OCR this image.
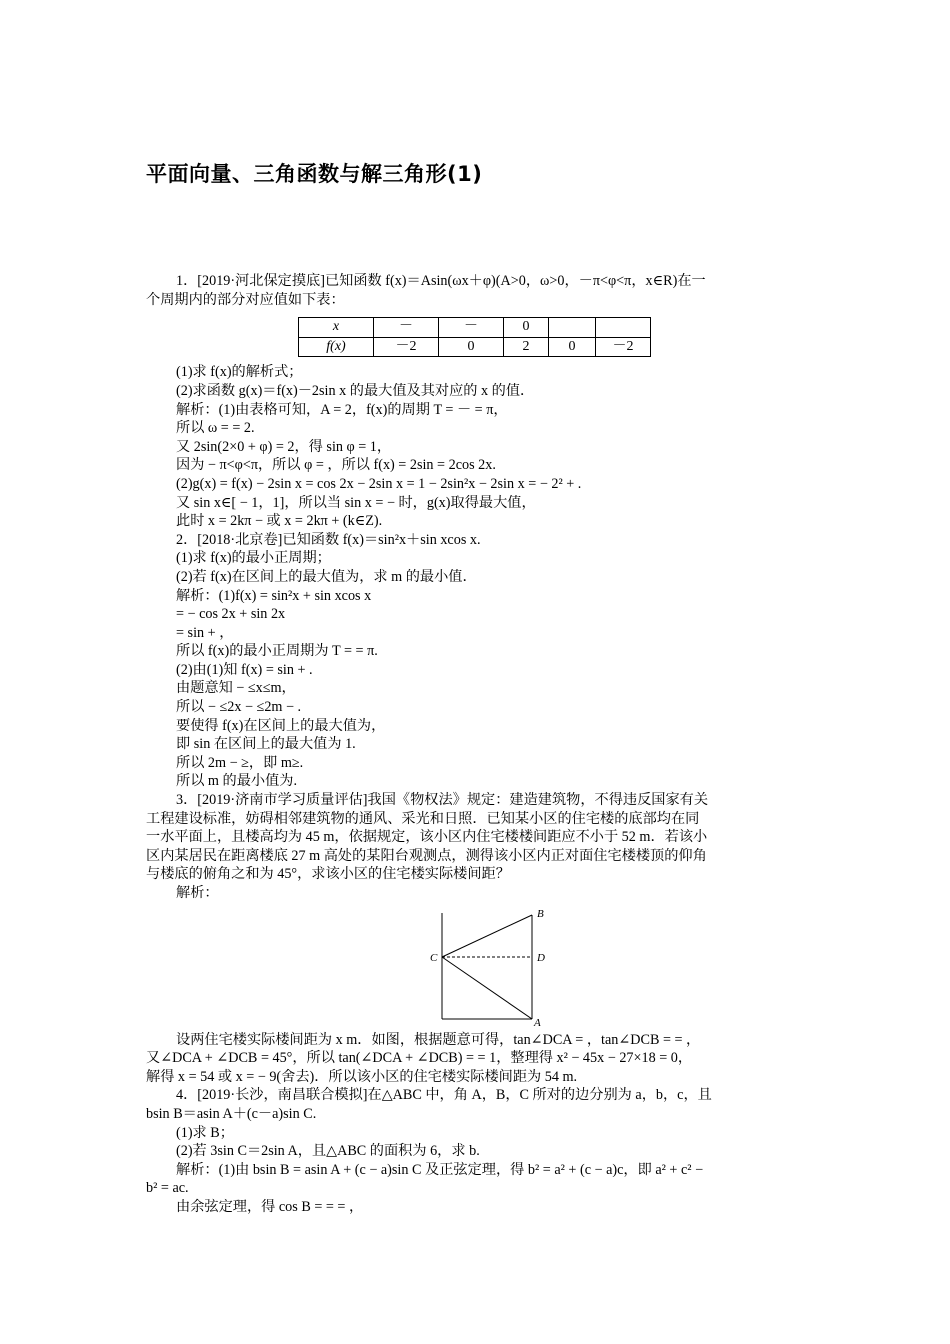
平面向量、三角函数与解三角形(1)
1．[2019·河北保定摸底]已知函数 f(x)＝Asin(ωx＋φ)(A>0，ω>0，－π<φ<π，x∈R)在一
个周期内的部分对应值如下表：
x	－	－	0		
f(x)	－2	0	2	0	－2
(1)求 f(x)的解析式；
(2)求函数 g(x)＝f(x)－2sin x 的最大值及其对应的 x 的值．
解析：(1)由表格可知，A = 2，f(x)的周期 T = － = π，
所以 ω = = 2.
又 2sin(2×0 + φ) = 2，得 sin φ = 1，
因为 − π<φ<π，所以 φ = ，所以 f(x) = 2sin = 2cos 2x.
(2)g(x) = f(x) − 2sin x = cos 2x − 2sin x = 1 − 2sin²x − 2sin x = − 2² + .
又 sin x∈[ − 1，1]，所以当 sin x = − 时，g(x)取得最大值，
此时 x = 2kπ − 或 x = 2kπ + (k∈Z).
2．[2018·北京卷]已知函数 f(x)＝sin²x＋sin xcos x.
(1)求 f(x)的最小正周期；
(2)若 f(x)在区间上的最大值为，求 m 的最小值．
解析：(1)f(x) = sin²x + sin xcos x
= − cos 2x + sin 2x
= sin + ，
所以 f(x)的最小正周期为 T = = π.
(2)由(1)知 f(x) = sin + .
由题意知 − ≤x≤m，
所以 − ≤2x − ≤2m − .
要使得 f(x)在区间上的最大值为，
即 sin 在区间上的最大值为 1.
所以 2m − ≥，即 m≥.
所以 m 的最小值为.
3．[2019·济南市学习质量评估]我国《物权法》规定：建造建筑物，不得违反国家有关
工程建设标准，妨碍相邻建筑物的通风、采光和日照．已知某小区的住宅楼的底部均在同
一水平面上，且楼高均为 45 m，依据规定，该小区内住宅楼楼间距应不小于 52 m．若该小
区内某居民在距离楼底 27 m 高处的某阳台观测点，测得该小区内正对面住宅楼楼顶的仰角
与楼底的俯角之和为 45°，求该小区的住宅楼实际楼间距？
解析：
B
C	D
A
设两住宅楼实际楼间距为 x m．如图，根据题意可得，tan∠DCA = ，tan∠DCB = = ，
又∠DCA + ∠DCB = 45°，所以 tan(∠DCA + ∠DCB) = = 1，整理得 x² − 45x − 27×18 = 0，
解得 x = 54 或 x = − 9(舍去)．所以该小区的住宅楼实际楼间距为 54 m.
4．[2019·长沙，南昌联合模拟]在△ABC 中，角 A，B，C 所对的边分别为 a，b，c，且
bsin B＝asin A＋(c－a)sin C.
(1)求 B；
(2)若 3sin C＝2sin A，且△ABC 的面积为 6，求 b.
解析：(1)由 bsin B = asin A + (c − a)sin C 及正弦定理，得 b² = a² + (c − a)c，即 a² + c² −
b² = ac.
由余弦定理，得 cos B = = = ，
